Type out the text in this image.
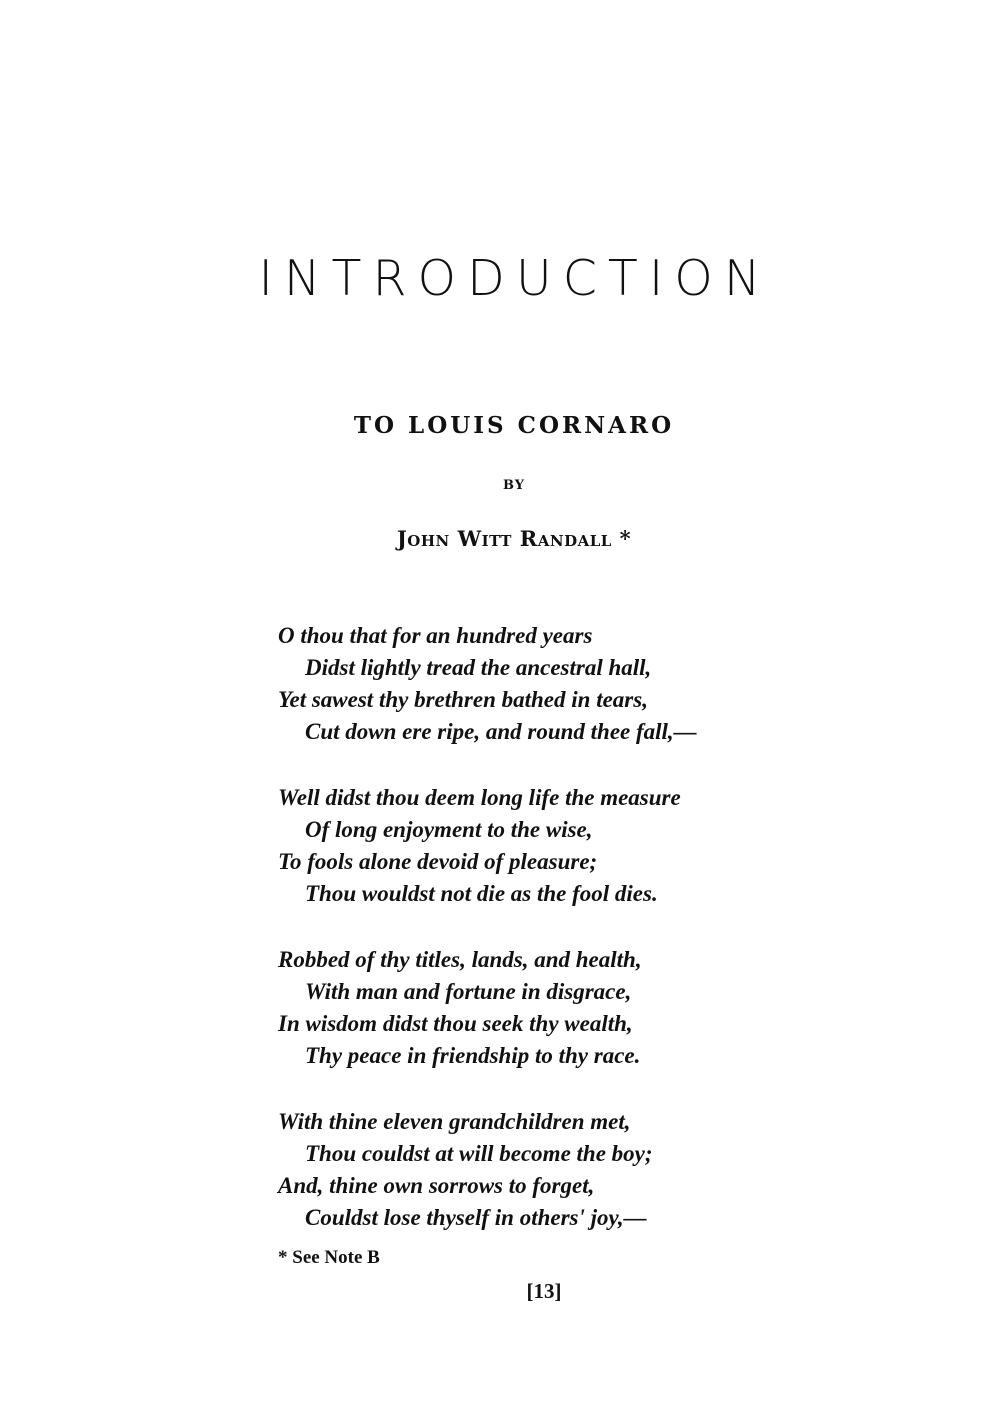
INTRODUCTION
TO LOUIS CORNARO
BY
John Witt Randall *
O thou that for an hundred years
Didst lightly tread the ancestral hall,
Yet sawest thy brethren bathed in tears,
Cut down ere ripe, and round thee fall,—
Well didst thou deem long life the measure
Of long enjoyment to the wise,
To fools alone devoid of pleasure;
Thou wouldst not die as the fool dies.
Robbed of thy titles, lands, and health,
With man and fortune in disgrace,
In wisdom didst thou seek thy wealth,
Thy peace in friendship to thy race.
With thine eleven grandchildren met,
Thou couldst at will become the boy;
And, thine own sorrows to forget,
Couldst lose thyself in others' joy,—
* See Note B
[13]
